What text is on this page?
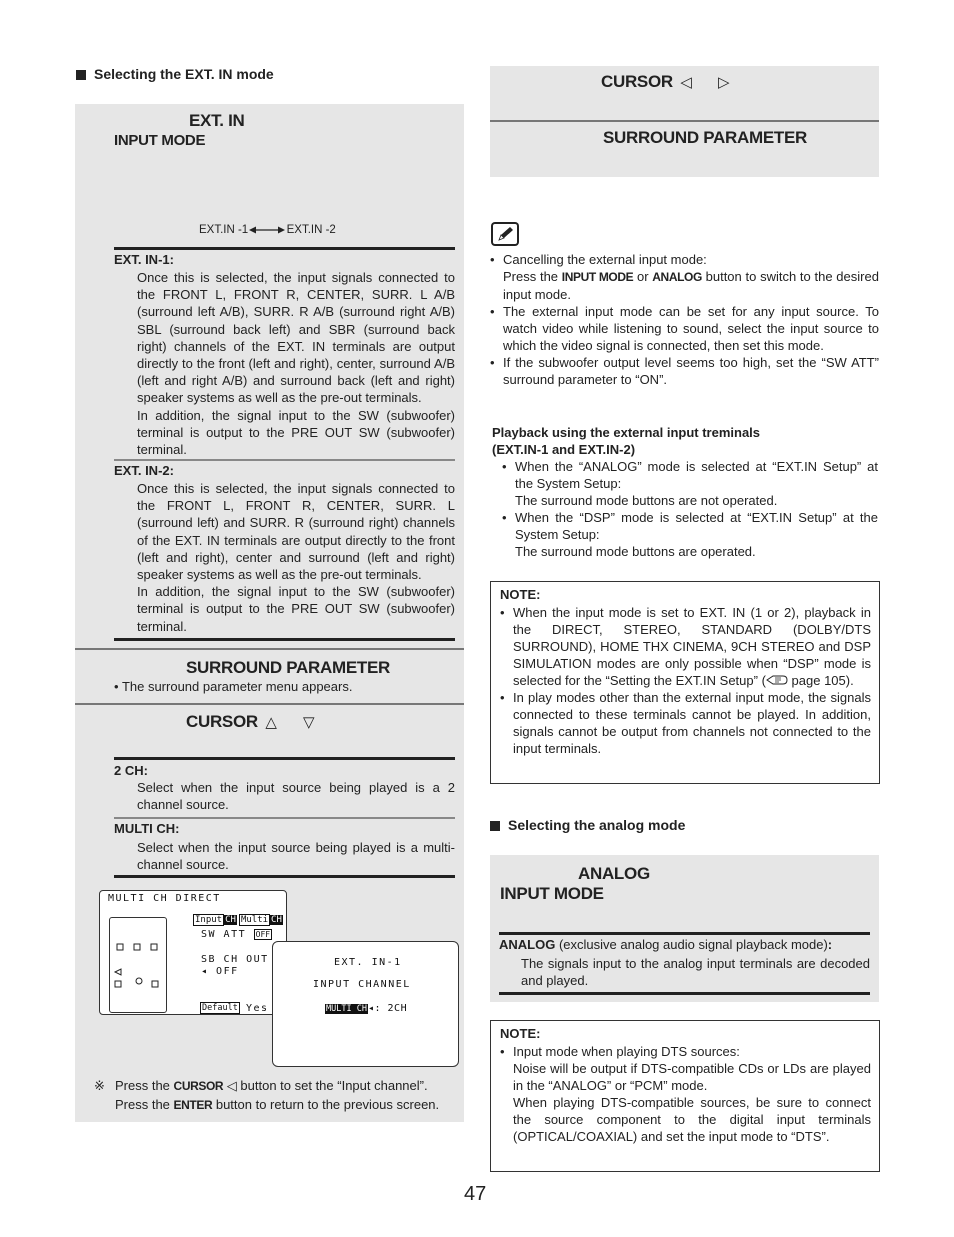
Selecting the EXT. IN mode
EXT. IN
INPUT MODE
EXT.IN -1	EXT.IN -2
EXT. IN-1:
Once this is selected, the input signals connected to the FRONT L, FRONT R, CENTER, SURR. L A/B (surround left A/B), SURR. R A/B (surround right A/B) SBL (surround back left) and SBR (surround back right) channels of the EXT. IN terminals are output directly to the front (left and right), center, surround A/B (left and right A/B) and surround back (left and right) speaker systems as well as the pre-out terminals.
In addition, the signal input to the SW (subwoofer) terminal is output to the PRE OUT SW (subwoofer) terminal.
EXT. IN-2:
Once this is selected, the input signals connected to the FRONT L, FRONT R, CENTER, SURR. L (surround left) and SURR. R (surround right) channels of the EXT. IN terminals are output directly to the front (left and right), center and surround (left and right) speaker systems as well as the pre-out terminals.
In addition, the signal input to the SW (subwoofer) terminal is output to the PRE OUT SW (subwoofer) terminal.
SURROUND PARAMETER
• The surround parameter menu appears.
CURSOR △ ▽
2 CH:
Select when the input source being played is a 2 channel source.
MULTI CH:
Select when the input source being played is a multi-channel source.
MULTI CH DIRECT
Input CH Multi CH
SW ATT OFF
SB CH OUT
◂ OFF
Default Yes
EXT. IN-1
INPUT CHANNEL
MULTI CH◂: 2CH
※ Press the CURSOR ◁ button to set the “Input channel”.
Press the ENTER button to return to the previous screen.
CURSOR ◁ ▷
SURROUND PARAMETER
• Cancelling the external input mode:
Press the INPUT MODE or ANALOG button to switch to the desired input mode.
• The external input mode can be set for any input source. To watch video while listening to sound, select the input source to which the video signal is connected, then set this mode.
• If the subwoofer output level seems too high, set the “SW ATT” surround parameter to “ON”.
Playback using the external input treminals
(EXT.IN-1 and EXT.IN-2)
• When the “ANALOG” mode is selected at “EXT.IN Setup” at the System Setup:
The surround mode buttons are not operated.
• When the “DSP” mode is selected at “EXT.IN Setup” at the System Setup:
The surround mode buttons are operated.
NOTE:
• When the input mode is set to EXT. IN (1 or 2), playback in the DIRECT, STEREO, STANDARD (DOLBY/DTS SURROUND), HOME THX CINEMA, 9CH STEREO and DSP SIMULATION modes are only possible when “DSP” mode is selected for the “Setting the EXT.IN Setup” ( page 105).
• In play modes other than the external input mode, the signals connected to these terminals cannot be played. In addition, signals cannot be output from channels not connected to the input terminals.
Selecting the analog mode
ANALOG
INPUT MODE
ANALOG (exclusive analog audio signal playback mode):
The signals input to the analog input terminals are decoded and played.
NOTE:
• Input mode when playing DTS sources:
Noise will be output if DTS-compatible CDs or LDs are played in the “ANALOG” or “PCM” mode.
When playing DTS-compatible sources, be sure to connect the source component to the digital input terminals (OPTICAL/COAXIAL) and set the input mode to “DTS”.
47
